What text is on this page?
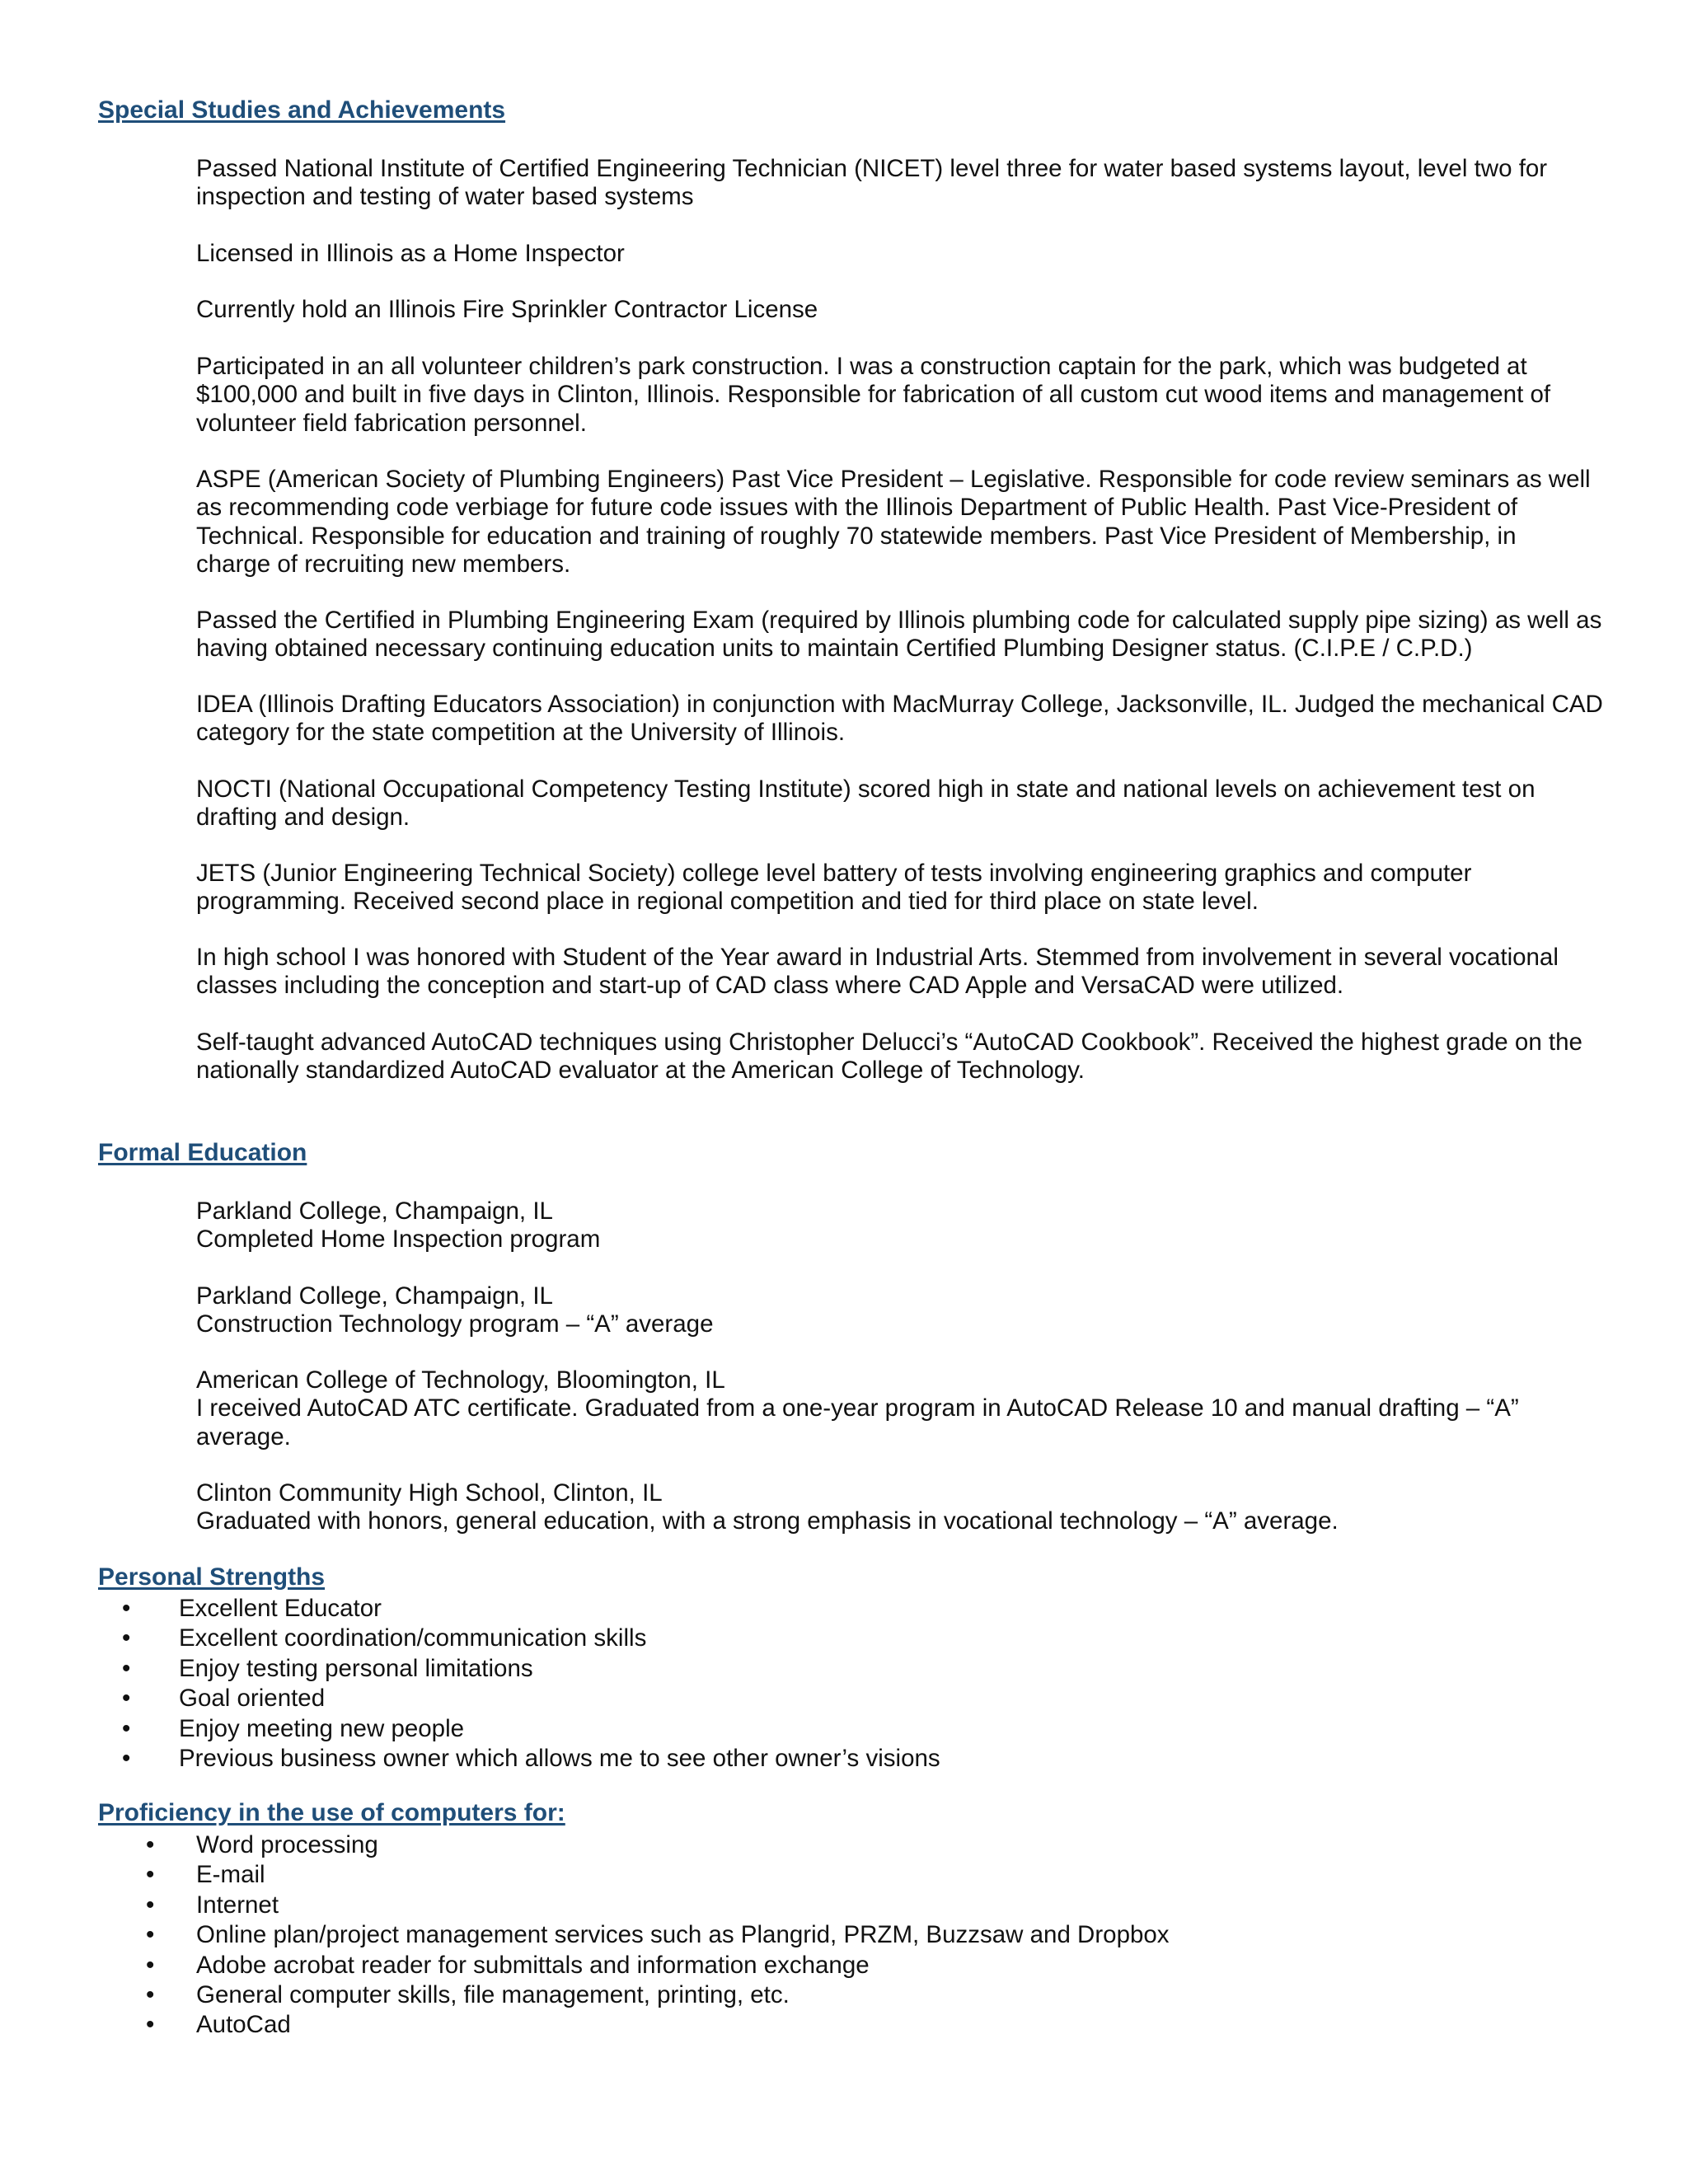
Special Studies and Achievements

Passed National Institute of Certified Engineering Technician (NICET) level three for water based systems layout, level two for
inspection and testing of water based systems

Licensed in Illinois as a Home Inspector

Currently hold an Illinois Fire Sprinkler Contractor License

Participated in an all volunteer children’s park construction. I was a construction captain for the park, which was budgeted at
$100,000 and built in five days in Clinton, Illinois. Responsible for fabrication of all custom cut wood items and management of
volunteer field fabrication personnel.

ASPE (American Society of Plumbing Engineers) Past Vice President – Legislative. Responsible for code review seminars as well
as recommending code verbiage for future code issues with the Illinois Department of Public Health. Past Vice-President of
Technical. Responsible for education and training of roughly 70 statewide members. Past Vice President of Membership, in
charge of recruiting new members.

Passed the Certified in Plumbing Engineering Exam (required by Illinois plumbing code for calculated supply pipe sizing) as well as
having obtained necessary continuing education units to maintain Certified Plumbing Designer status. (C.I.P.E / C.P.D.)

IDEA (Illinois Drafting Educators Association) in conjunction with MacMurray College, Jacksonville, IL. Judged the mechanical CAD
category for the state competition at the University of Illinois.

NOCTI (National Occupational Competency Testing Institute) scored high in state and national levels on achievement test on
drafting and design.

JETS (Junior Engineering Technical Society) college level battery of tests involving engineering graphics and computer
programming. Received second place in regional competition and tied for third place on state level.

In high school I was honored with Student of the Year award in Industrial Arts. Stemmed from involvement in several vocational
classes including the conception and start-up of CAD class where CAD Apple and VersaCAD were utilized.

Self-taught advanced AutoCAD techniques using Christopher Delucci’s “AutoCAD Cookbook”. Received the highest grade on the
nationally standardized AutoCAD evaluator at the American College of Technology.

Formal Education

Parkland College, Champaign, IL
Completed Home Inspection program

Parkland College, Champaign, IL
Construction Technology program – “A” average

American College of Technology, Bloomington, IL
I received AutoCAD ATC certificate. Graduated from a one-year program in AutoCAD Release 10 and manual drafting – “A”
average.

Clinton Community High School, Clinton, IL
Graduated with honors, general education, with a strong emphasis in vocational technology – “A” average.

Personal Strengths
• Excellent Educator
• Excellent coordination/communication skills
• Enjoy testing personal limitations
• Goal oriented
• Enjoy meeting new people
• Previous business owner which allows me to see other owner’s visions
Proficiency in the use of computers for:
• Word processing
• E-mail
• Internet
• Online plan/project management services such as Plangrid, PRZM, Buzzsaw and Dropbox
• Adobe acrobat reader for submittals and information exchange
• General computer skills, file management, printing, etc.
• AutoCad
